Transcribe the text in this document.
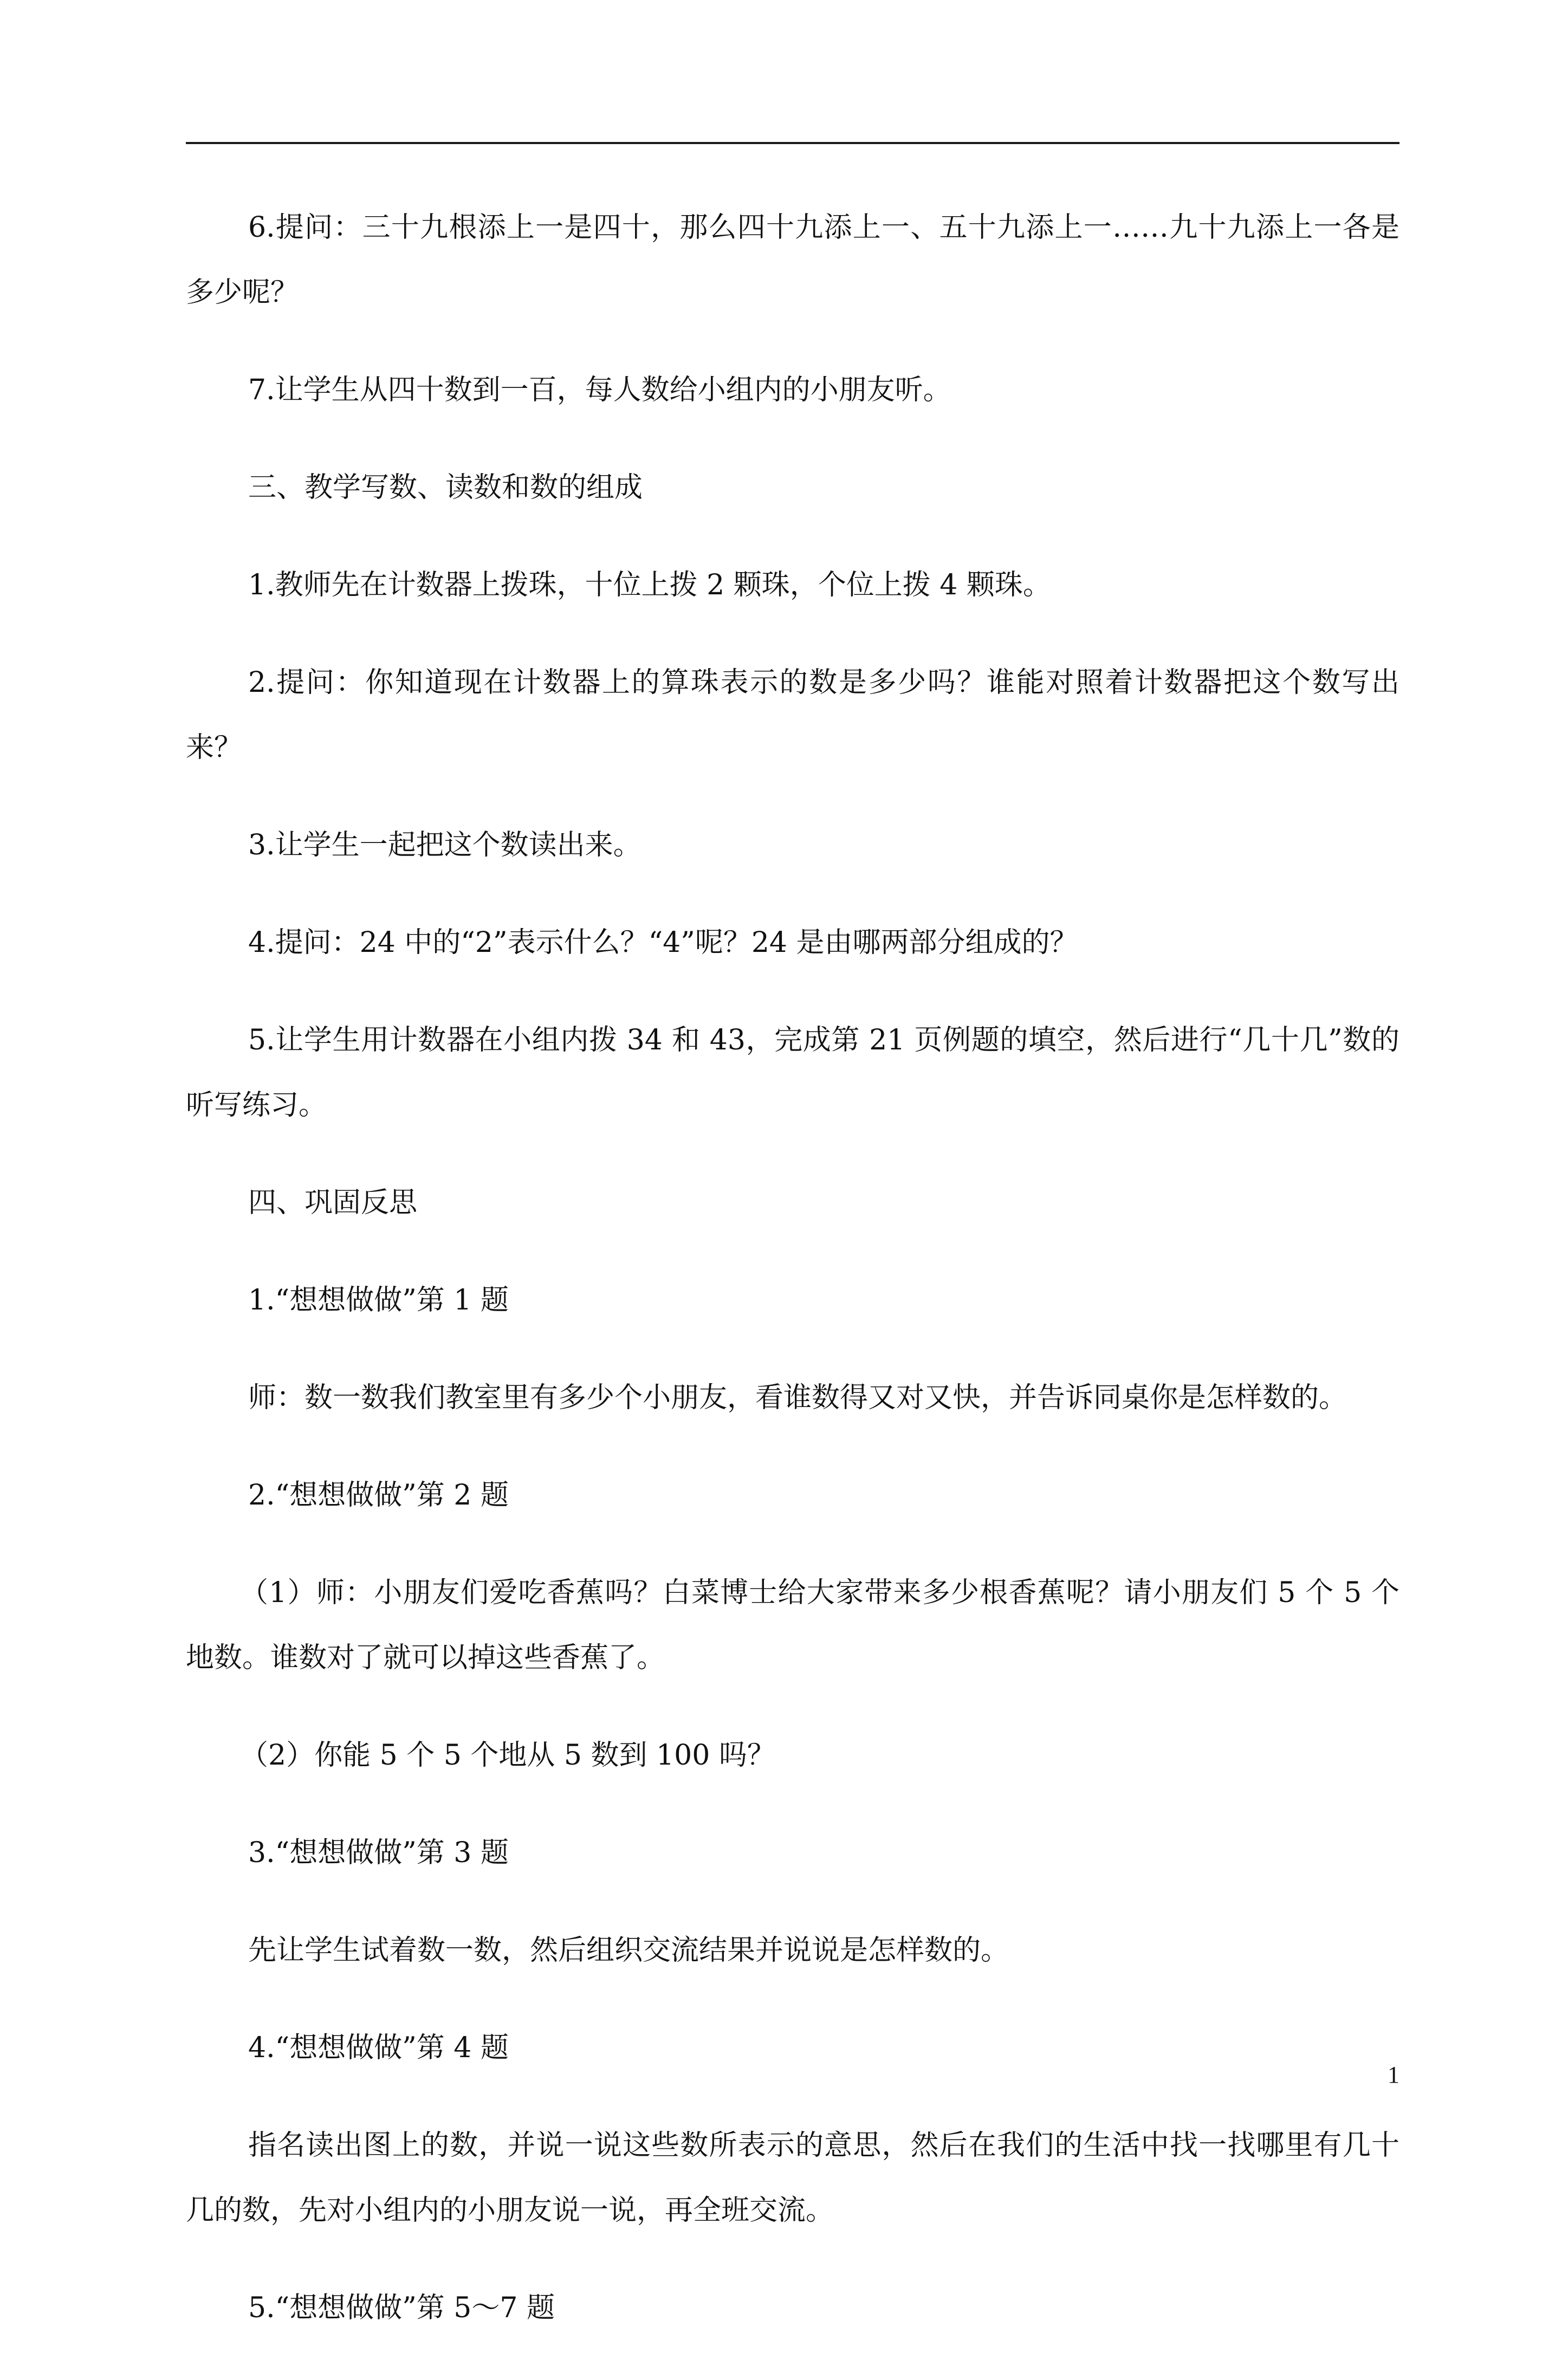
6.提问：三十九根添上一是四十，那么四十九添上一、五十九添上一……九十九添上一各是多少呢？

7.让学生从四十数到一百，每人数给小组内的小朋友听。

三、教学写数、读数和数的组成

1.教师先在计数器上拨珠，十位上拨 2 颗珠，个位上拨 4 颗珠。

2.提问：你知道现在计数器上的算珠表示的数是多少吗？谁能对照着计数器把这个数写出来？

3.让学生一起把这个数读出来。

4.提问：24 中的“2”表示什么？“4”呢？24 是由哪两部分组成的？

5.让学生用计数器在小组内拨 34 和 43，完成第 21 页例题的填空，然后进行“几十几”数的听写练习。

四、巩固反思

1.“想想做做”第 1 题

师：数一数我们教室里有多少个小朋友，看谁数得又对又快，并告诉同桌你是怎样数的。

2.“想想做做”第 2 题

（1）师：小朋友们爱吃香蕉吗？白菜博士给大家带来多少根香蕉呢？请小朋友们 5 个 5 个地数。谁数对了就可以掉这些香蕉了。

（2）你能 5 个 5 个地从 5 数到 100 吗？

3.“想想做做”第 3 题

先让学生试着数一数，然后组织交流结果并说说是怎样数的。

4.“想想做做”第 4 题

指名读出图上的数，并说一说这些数所表示的意思，然后在我们的生活中找一找哪里有几十几的数，先对小组内的小朋友说一说，再全班交流。

5.“想想做做”第 5～7 题

1
